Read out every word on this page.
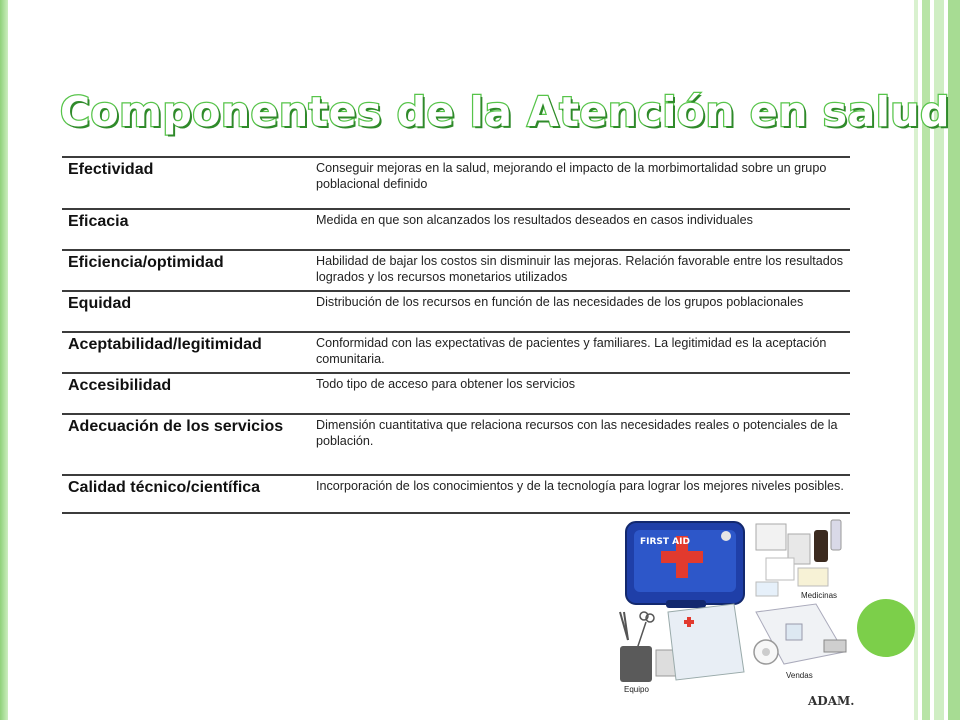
Componentes de la Atención en salud
Efectividad	Conseguir mejoras en la salud, mejorando el impacto de la morbimortalidad sobre un grupo poblacional definido
Eficacia	Medida en que son alcanzados los resultados deseados en casos individuales
Eficiencia/optimidad	Habilidad de bajar los costos sin disminuir las mejoras. Relación favorable entre los resultados logrados y los recursos monetarios utilizados
Equidad	Distribución de los recursos en función de las necesidades de los grupos poblacionales
Aceptabilidad/legitimidad	Conformidad con las expectativas de pacientes y familiares. La legitimidad es la aceptación comunitaria.
Accesibilidad	Todo tipo de acceso para obtener los servicios
Adecuación de los servicios	Dimensión cuantitativa que relaciona recursos con las necesidades reales o potenciales de la población.
Calidad técnico/científica	Incorporación de los conocimientos y de la tecnología para lograr los mejores niveles posibles.
FIRST AID
Medicinas
Equipo
Vendas
ADAM.
